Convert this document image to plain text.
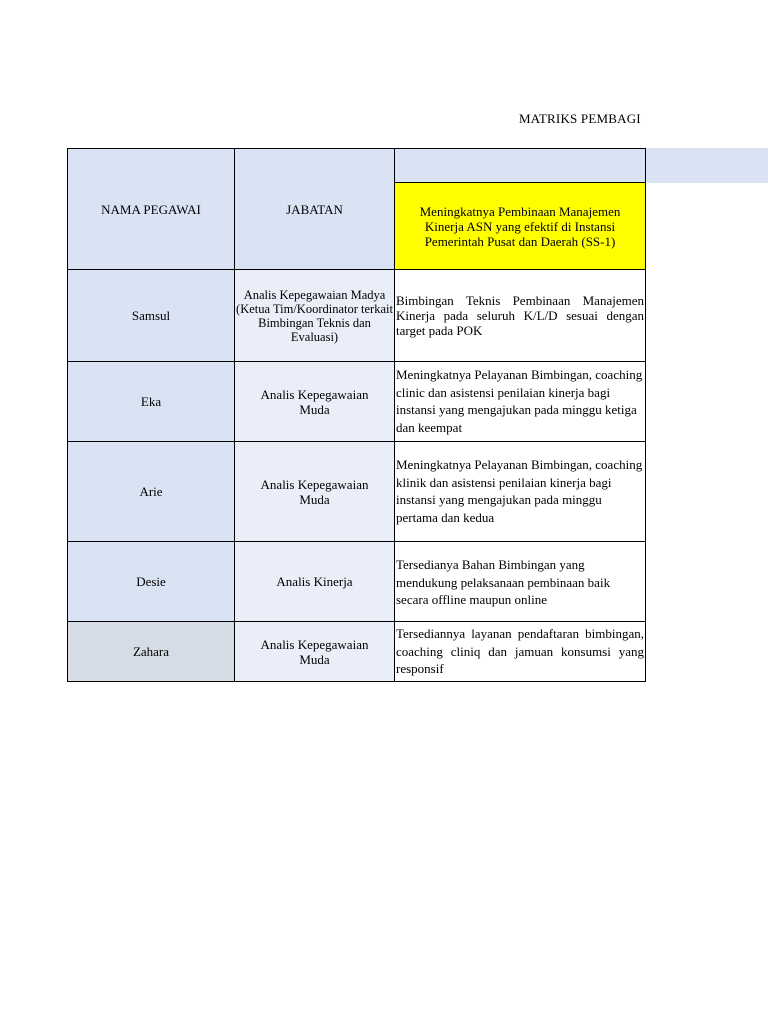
MATRIKS PEMBAGI
NAMA PEGAWAI	JABATAN	
		Meningkatnya Pembinaan Manajemen Kinerja ASN yang efektif di Instansi Pemerintah Pusat dan Daerah (SS-1)
Samsul	Analis Kepegawaian Madya (Ketua Tim/Koordinator terkait Bimbingan Teknis dan Evaluasi)	Bimbingan Teknis Pembinaan Manajemen Kinerja pada seluruh K/L/D sesuai dengan target pada POK
Eka	Analis Kepegawaian Muda	Meningkatnya Pelayanan Bimbingan, coaching clinic dan asistensi penilaian kinerja bagi instansi yang mengajukan pada minggu ketiga dan keempat
Arie	Analis Kepegawaian Muda	Meningkatnya Pelayanan Bimbingan, coaching klinik dan asistensi penilaian kinerja bagi instansi yang mengajukan pada minggu pertama dan kedua
Desie	Analis Kinerja	Tersedianya Bahan Bimbingan yang mendukung pelaksanaan pembinaan baik secara offline maupun online
Zahara	Analis Kepegawaian Muda	Tersediannya layanan pendaftaran bimbingan, coaching cliniq dan jamuan konsumsi yang responsif
